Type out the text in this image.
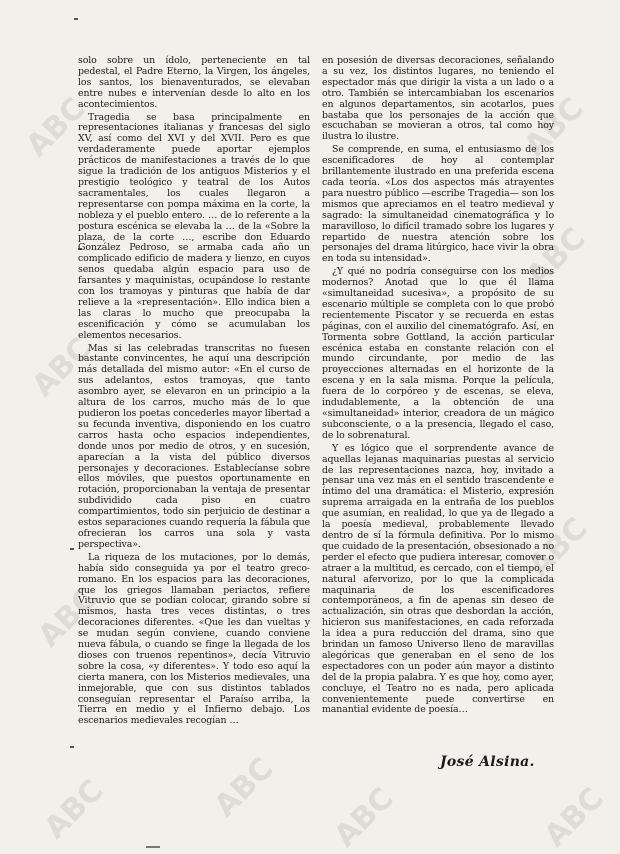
ABC
ABC
ABC
ABC	ABC ABC
ABC
ABC
ABC
ABC

solo sobre un ídolo, perteneciente en tal pedestal, el Padre Eterno, la Virgen, los ángeles, los santos, los bienaventurados, se elevaban entre nubes e intervenían desde lo alto en los acontecimientos.

Tragedia se basa principalmente en representaciones italianas y francesas del siglo XV, así como del XVI y del XVII. Pero es que verdaderamente puede aportar ejemplos prácticos de manifestaciones a través de lo que sigue la tradición de los antiguos Misterios y el prestigio teológico y teatral de los Autos sacramentales, los cuales llegaron a representarse con pompa máxima en la corte, la nobleza y el pueblo entero. … de lo referente a la postura escénica se elevaba la … de la «Sobre la plaza, de la corte …, escribe don Eduardo González Pedroso, se armaba cada año un complicado edificio de madera y lienzo, en cuyos senos quedaba algún espacio para uso de farsantes y maquinistas, ocupándose lo restante con los tramoyas y pinturas que había de dar relieve a la «representación». Ello indica bien a las claras lo mucho que preocupaba la escenificación y cómo se acumulaban los elementos necesarios.

Mas si las celebradas transcritas no fuesen bastante convincentes, he aquí una descripción más detallada del mismo autor: «En el curso de sus adelantos, estos tramoyas, que tanto asombro ayer, se elevaron en un principio a la altura de los carros, mucho más de lo que pudieron los poetas concederles mayor libertad a su fecunda inventiva, disponiendo en los cuatro carros hasta ocho espacios independientes, donde unos por medio de otros, y en sucesión, aparecían a la vista del público diversos personajes y decoraciones. Establecíanse sobre ellos móviles, que puestos oportunamente en rotación, proporcionaban la ventaja de presentar subdividido cada piso en cuatro compartimientos, todo sin perjuicio de destinar a estos separaciones cuando requería la fábula que ofrecieran los carros una sola y vasta perspectiva».

La riqueza de los mutaciones, por lo demás, había sido conseguida ya por el teatro greco-romano. En los espacios para las decoraciones, que los griegos llamaban periactos, refiere Vitruvio que se podían colocar, girando sobre sí mismos, hasta tres veces distintas, o tres decoraciones diferentes. «Que les dan vueltas y se mudan según conviene, cuando conviene nueva fábula, o cuando se finge la llegada de los dioses con truenos repentinos», decía Vitruvio sobre la cosa, «y diferentes». Y todo eso aquí la cierta manera, con los Misterios medievales, una inmejorable, que con sus distintos tablados conseguían representar el Paraíso arriba, la Tierra en medio y el Infierno debajo. Los escenarios medievales recogían …

en posesión de diversas decoraciones, señalando a su vez, los distintos lugares, no teniendo el espectador más que dirigir la vista a un lado o a otro. También se intercambiaban los escenarios en algunos departamentos, sin acotarlos, pues bastaba que los personajes de la acción que escuchaban se movieran a otros, tal como hoy ilustra lo ilustre.

Se comprende, en suma, el entusiasmo de los escenificadores de hoy al contemplar brillantemente ilustrado en una preferida escena cada teoría. «Los dos aspectos más atrayentes para nuestro público —escribe Tragedia— son los mismos que apreciamos en el teatro medieval y sagrado: la simultaneidad cinematográfica y lo maravilloso, lo difícil tramado sobre los lugares y repartido de nuestra atención sobre los personajes del drama litúrgico, hace vivir la obra en toda su intensidad».

¿Y qué no podría conseguirse con los medios modernos? Anotad que lo que él llama «simultaneidad sucesiva», a propósito de su escenario múltiple se completa con lo que probó recientemente Piscator y se recuerda en estas páginas, con el auxilio del cinematógrafo. Así, en Tormenta sobre Gottland, la acción particular escénica estaba en constante relación con el mundo circundante, por medio de las proyecciones alternadas en el horizonte de la escena y en la sala misma. Porque la película, fuera de lo corpóreo y de escenas, se eleva, indudablemente, a la obtención de una «simultaneidad» interior, creadora de un mágico subconsciente, o a la presencia, llegado el caso, de lo sobrenatural.

Y es lógico que el sorprendente avance de aquellas lejanas maquinarias puestas al servicio de las representaciones nazca, hoy, invitado a pensar una vez más en el sentido trascendente e íntimo del una dramática: el Misterio, expresión suprema arraigada en la entraña de los pueblos que asumían, en realidad, lo que ya de llegado a la poesía medieval, probablemente llevado dentro de sí la fórmula definitiva. Por lo mismo que cuidado de la presentación, obsesionado a no perder el efecto que pudiera interesar, comover o atraer a la multitud, es cercado, con el tiempo, el natural afervorizo, por lo que la complicada maquinaria de los escenificadores contemporáneos, a fin de apenas sin deseo de actualización, sin otras que desbordan la acción, hicieron sus manifestaciones, en cada reforzada la idea a pura reducción del drama, sino que brindan un famoso Universo lleno de maravillas alegóricas que generaban en el seno de los espectadores con un poder aún mayor a distinto del de la propia palabra. Y es que hoy, como ayer, concluye, el Teatro no es nada, pero aplicada convenientemente puede convertirse en manantial evidente de poesía…

José Alsina.
